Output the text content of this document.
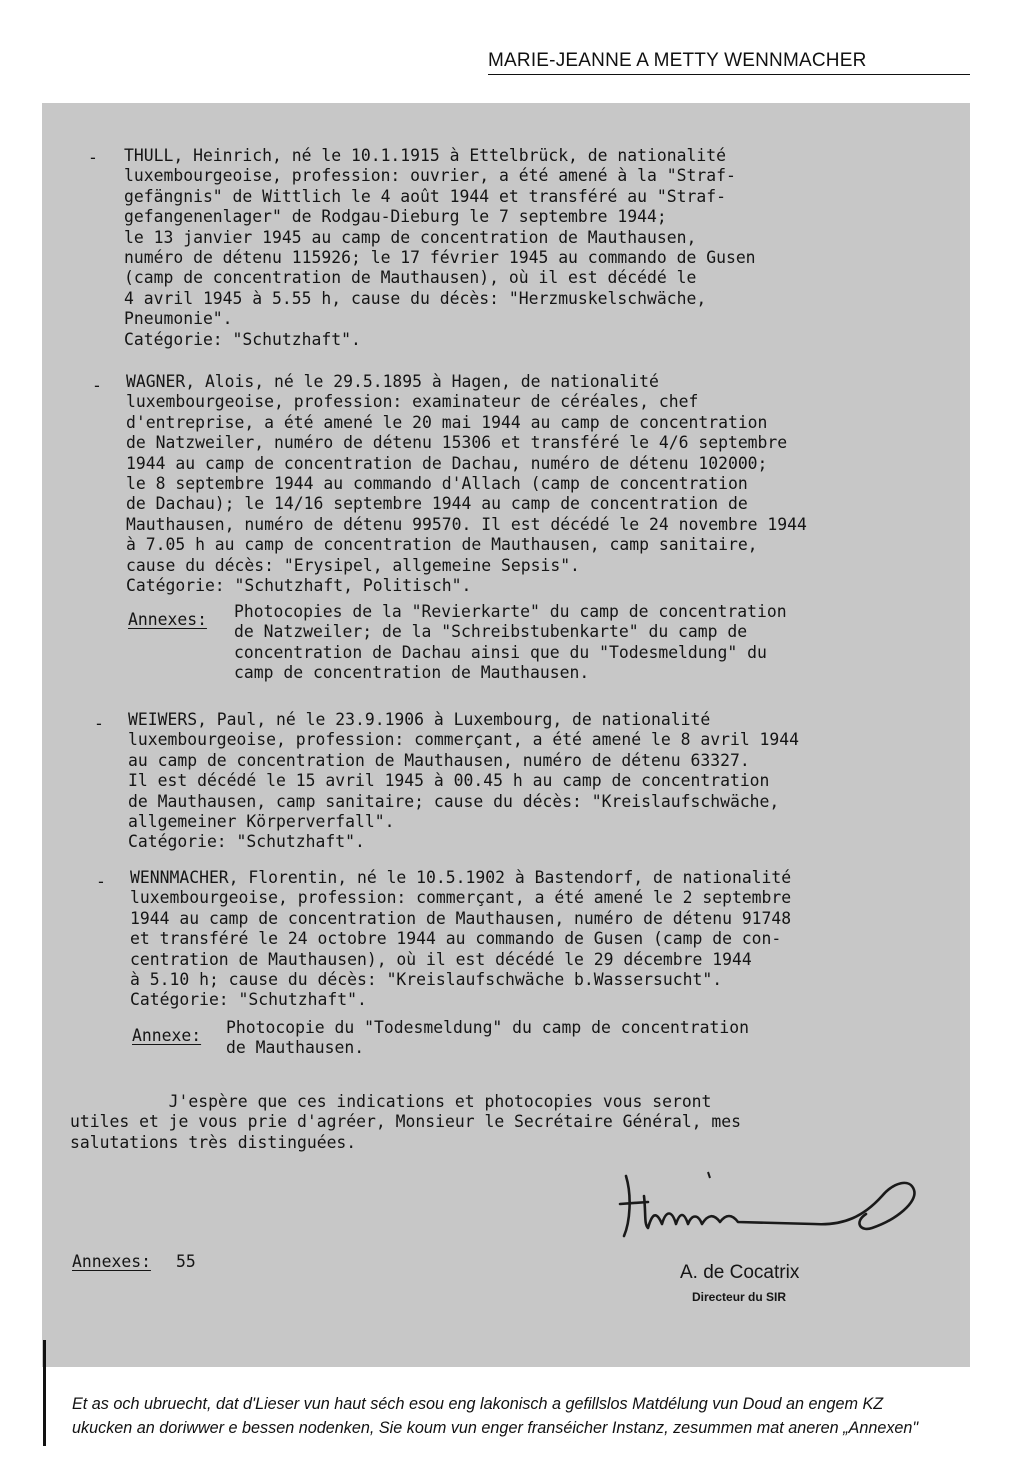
MARIE-JEANNE A METTY WENNMACHER
- THULL, Heinrich, né le 10.1.1915 à Ettelbrück, de nationalité
luxembourgeoise, profession: ouvrier, a été amené à la "Straf-
gefängnis" de Wittlich le 4 août 1944 et transféré au "Straf-
gefangenenlager" de Rodgau-Dieburg le 7 septembre 1944;
le 13 janvier 1945 au camp de concentration de Mauthausen,
numéro de détenu 115926; le 17 février 1945 au commando de Gusen
(camp de concentration de Mauthausen), où il est décédé le
4 avril 1945 à 5.55 h, cause du décès: "Herzmuskelschwäche,
Pneumonie".
Catégorie: "Schutzhaft".
- WAGNER, Alois, né le 29.5.1895 à Hagen, de nationalité
luxembourgeoise, profession: examinateur de céréales, chef
d'entreprise, a été amené le 20 mai 1944 au camp de concentration
de Natzweiler, numéro de détenu 15306 et transféré le 4/6 septembre
1944 au camp de concentration de Dachau, numéro de détenu 102000;
le 8 septembre 1944 au commando d'Allach (camp de concentration
de Dachau); le 14/16 septembre 1944 au camp de concentration de
Mauthausen, numéro de détenu 99570. Il est décédé le 24 novembre 1944
à 7.05 h au camp de concentration de Mauthausen, camp sanitaire,
cause du décès: "Erysipel, allgemeine Sepsis".
Catégorie: "Schutzhaft, Politisch".
Annexes: Photocopies de la "Revierkarte" du camp de concentration
de Natzweiler; de la "Schreibstubenkarte" du camp de
concentration de Dachau ainsi que du "Todesmeldung" du
camp de concentration de Mauthausen.
- WEIWERS, Paul, né le 23.9.1906 à Luxembourg, de nationalité
luxembourgeoise, profession: commerçant, a été amené le 8 avril 1944
au camp de concentration de Mauthausen, numéro de détenu 63327.
Il est décédé le 15 avril 1945 à 00.45 h au camp de concentration
de Mauthausen, camp sanitaire; cause du décès: "Kreislaufschwäche,
allgemeiner Körperverfall".
Catégorie: "Schutzhaft".
- WENNMACHER, Florentin, né le 10.5.1902 à Bastendorf, de nationalité
luxembourgeoise, profession: commerçant, a été amené le 2 septembre
1944 au camp de concentration de Mauthausen, numéro de détenu 91748
et transféré le 24 octobre 1944 au commando de Gusen (camp de con-
centration de Mauthausen), où il est décédé le 29 décembre 1944
à 5.10 h; cause du décès: "Kreislaufschwäche b.Wassersucht".
Catégorie: "Schutzhaft".
Annexe: Photocopie du "Todesmeldung" du camp de concentration
de Mauthausen.
J'espère que ces indications et photocopies vous seront
utiles et je vous prie d'agréer, Monsieur le Secrétaire Général, mes
salutations très distinguées.
Annexes: 55
A. de Cocatrix
Directeur du SIR
Et as och ubruecht, dat d'Lieser vun haut séch esou eng lakonisch a gefillslos Matdélung vun Doud an engem KZ
ukucken an doriwwer e bessen nodenken, Sie koum vun enger franséicher Instanz, zesummen mat aneren „Annexen"
